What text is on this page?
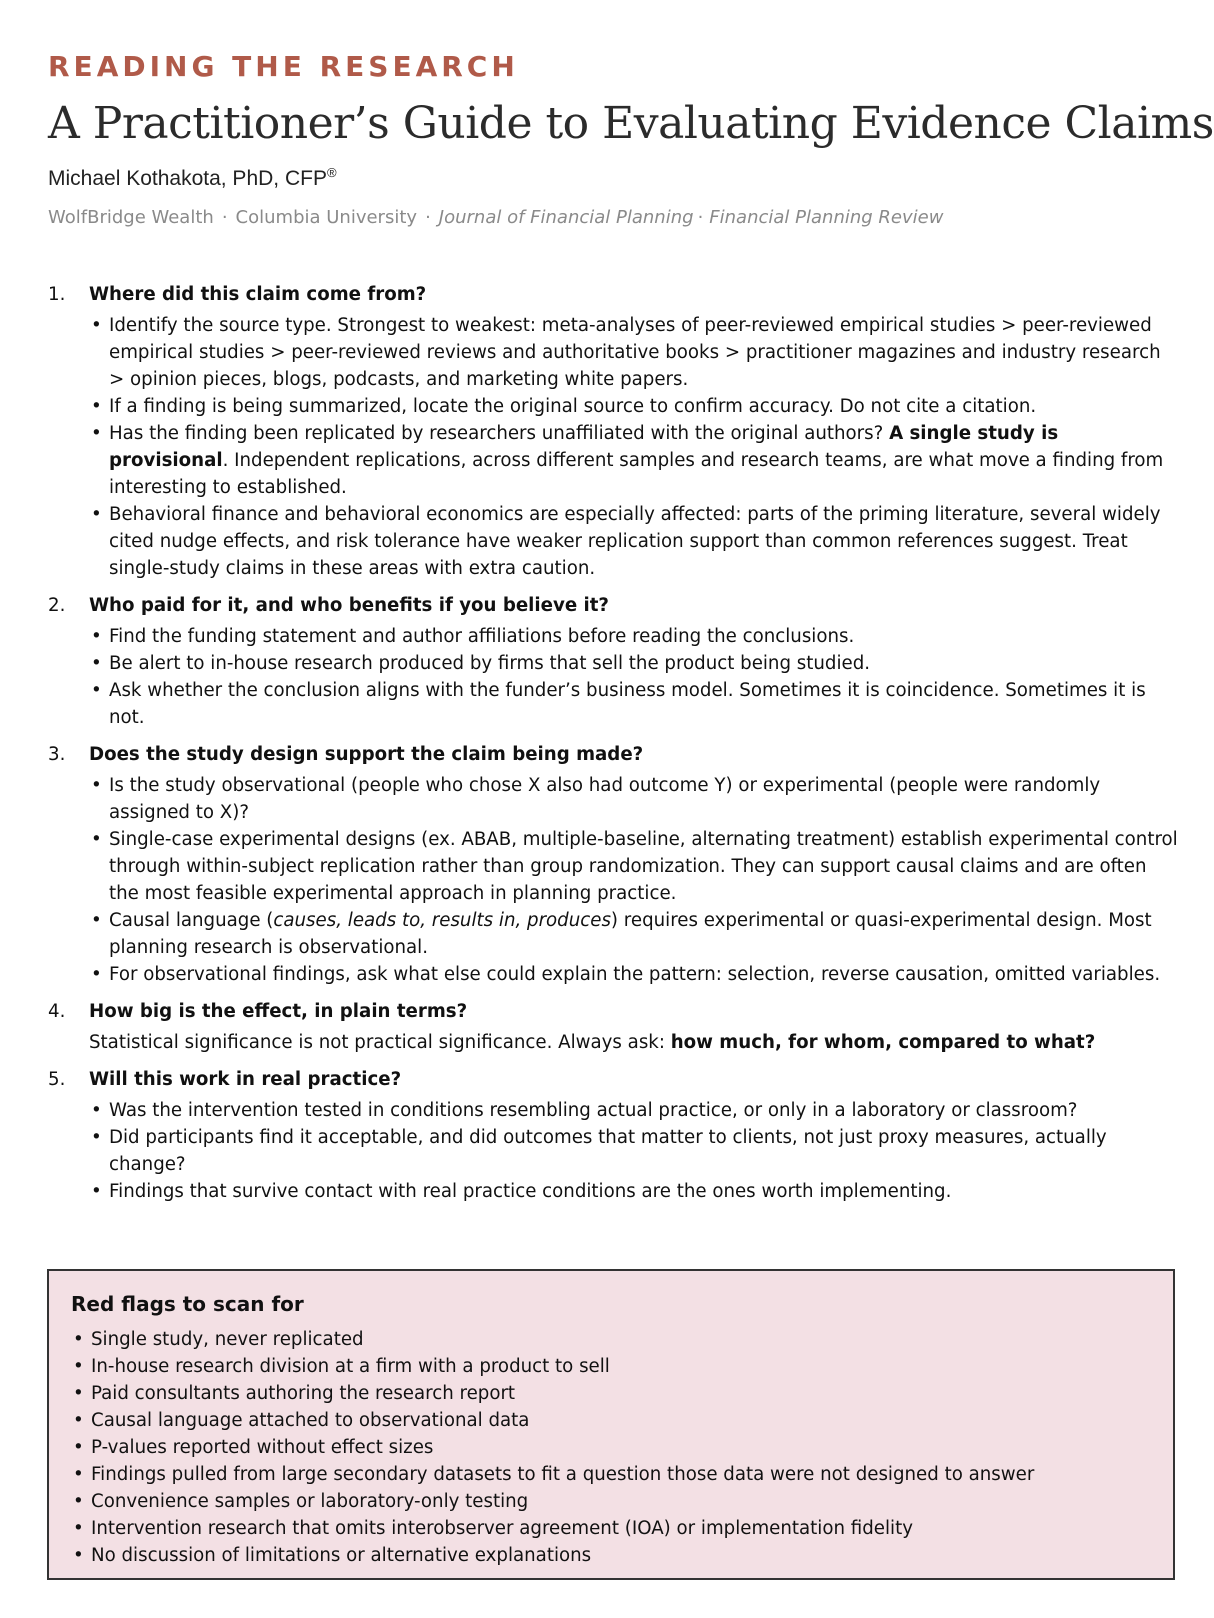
READING THE RESEARCH
A Practitioner’s Guide to Evaluating Evidence Claims
Michael Kothakota, PhD, CFP®
WolfBridge Wealth · Columbia University · Journal of Financial Planning · Financial Planning Review
1. Where did this claim come from?
• Identify the source type. Strongest to weakest: meta-analyses of peer-reviewed empirical studies > peer-reviewed empirical studies > peer-reviewed reviews and authoritative books > practitioner magazines and industry research > opinion pieces, blogs, podcasts, and marketing white papers.
• If a finding is being summarized, locate the original source to confirm accuracy. Do not cite a citation.
• Has the finding been replicated by researchers unaffiliated with the original authors? A single study is provisional. Independent replications, across different samples and research teams, are what move a finding from interesting to established.
• Behavioral finance and behavioral economics are especially affected: parts of the priming literature, several widely cited nudge effects, and risk tolerance have weaker replication support than common references suggest. Treat single-study claims in these areas with extra caution.
2. Who paid for it, and who benefits if you believe it?
• Find the funding statement and author affiliations before reading the conclusions.
• Be alert to in-house research produced by firms that sell the product being studied.
• Ask whether the conclusion aligns with the funder’s business model. Sometimes it is coincidence. Sometimes it is not.
3. Does the study design support the claim being made?
• Is the study observational (people who chose X also had outcome Y) or experimental (people were randomly assigned to X)?
• Single-case experimental designs (ex. ABAB, multiple-baseline, alternating treatment) establish experimental control through within-subject replication rather than group randomization. They can support causal claims and are often the most feasible experimental approach in planning practice.
• Causal language (causes, leads to, results in, produces) requires experimental or quasi-experimental design. Most planning research is observational.
• For observational findings, ask what else could explain the pattern: selection, reverse causation, omitted variables.
4. How big is the effect, in plain terms?
Statistical significance is not practical significance. Always ask: how much, for whom, compared to what?
5. Will this work in real practice?
• Was the intervention tested in conditions resembling actual practice, or only in a laboratory or classroom?
• Did participants find it acceptable, and did outcomes that matter to clients, not just proxy measures, actually change?
• Findings that survive contact with real practice conditions are the ones worth implementing.
Red flags to scan for
• Single study, never replicated
• In-house research division at a firm with a product to sell
• Paid consultants authoring the research report
• Causal language attached to observational data
• P-values reported without effect sizes
• Findings pulled from large secondary datasets to fit a question those data were not designed to answer
• Convenience samples or laboratory-only testing
• Intervention research that omits interobserver agreement (IOA) or implementation fidelity
• No discussion of limitations or alternative explanations
